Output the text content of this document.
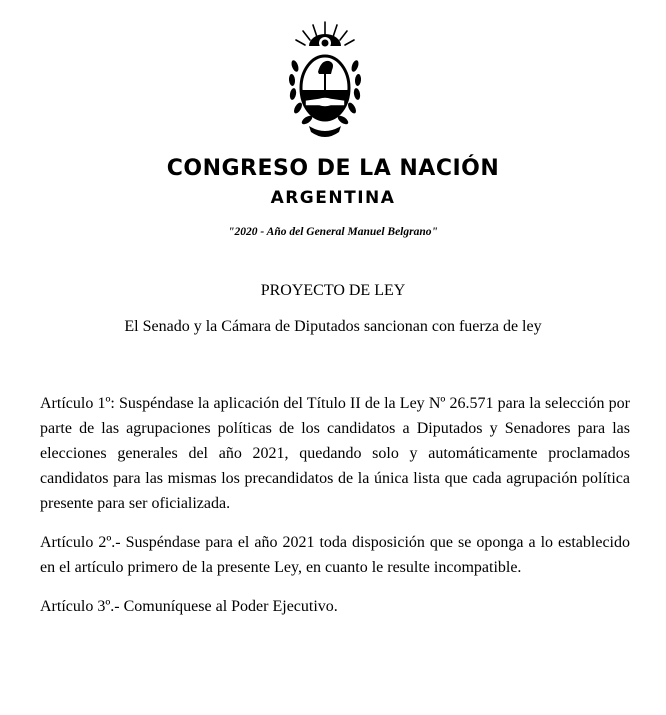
CONGRESO DE LA NACIÓN
ARGENTINA
"2020 - Año del General Manuel Belgrano"
PROYECTO DE LEY
El Senado y la Cámara de Diputados sancionan con fuerza de ley

Artículo 1º: Suspéndase la aplicación del Título II de la Ley Nº 26.571 para la selección por parte de las agrupaciones políticas de los candidatos a Diputados y Senadores para las elecciones generales del año 2021, quedando solo y automáticamente proclamados candidatos para las mismas los precandidatos de la única lista que cada agrupación política presente para ser oficializada.

Artículo 2º.- Suspéndase para el año 2021 toda disposición que se oponga a lo establecido en el artículo primero de la presente Ley, en cuanto le resulte incompatible.

Artículo 3º.- Comuníquese al Poder Ejecutivo.
